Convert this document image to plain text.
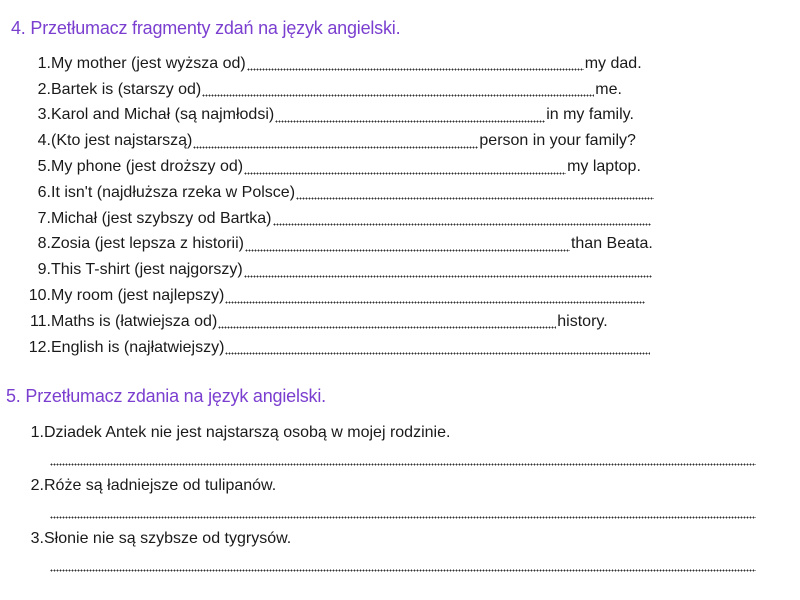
4. Przetłumacz fragmenty zdań na język angielski.
1. My mother (jest wyższa od)	my dad.
2. Bartek is (starszy od)	me.
3. Karol and Michał (są najmłodsi)	in my family.
4. (Kto jest najstarszą)	person in your family?
5. My phone (jest droższy od)	my laptop.
6. It isn't (najdłuższa rzeka w Polsce)
7. Michał (jest szybszy od Bartka)
8. Zosia (jest lepsza z historii)	than Beata.
9. This T-shirt (jest najgorszy)
10. My room (jest najlepszy)
11. Maths is (łatwiejsza od)	history.
12. English is (najłatwiejszy)
5. Przetłumacz zdania na język angielski.
1. Dziadek Antek nie jest najstarszą osobą w mojej rodzinie.
2. Róże są ładniejsze od tulipanów.
3. Słonie nie są szybsze od tygrysów.
